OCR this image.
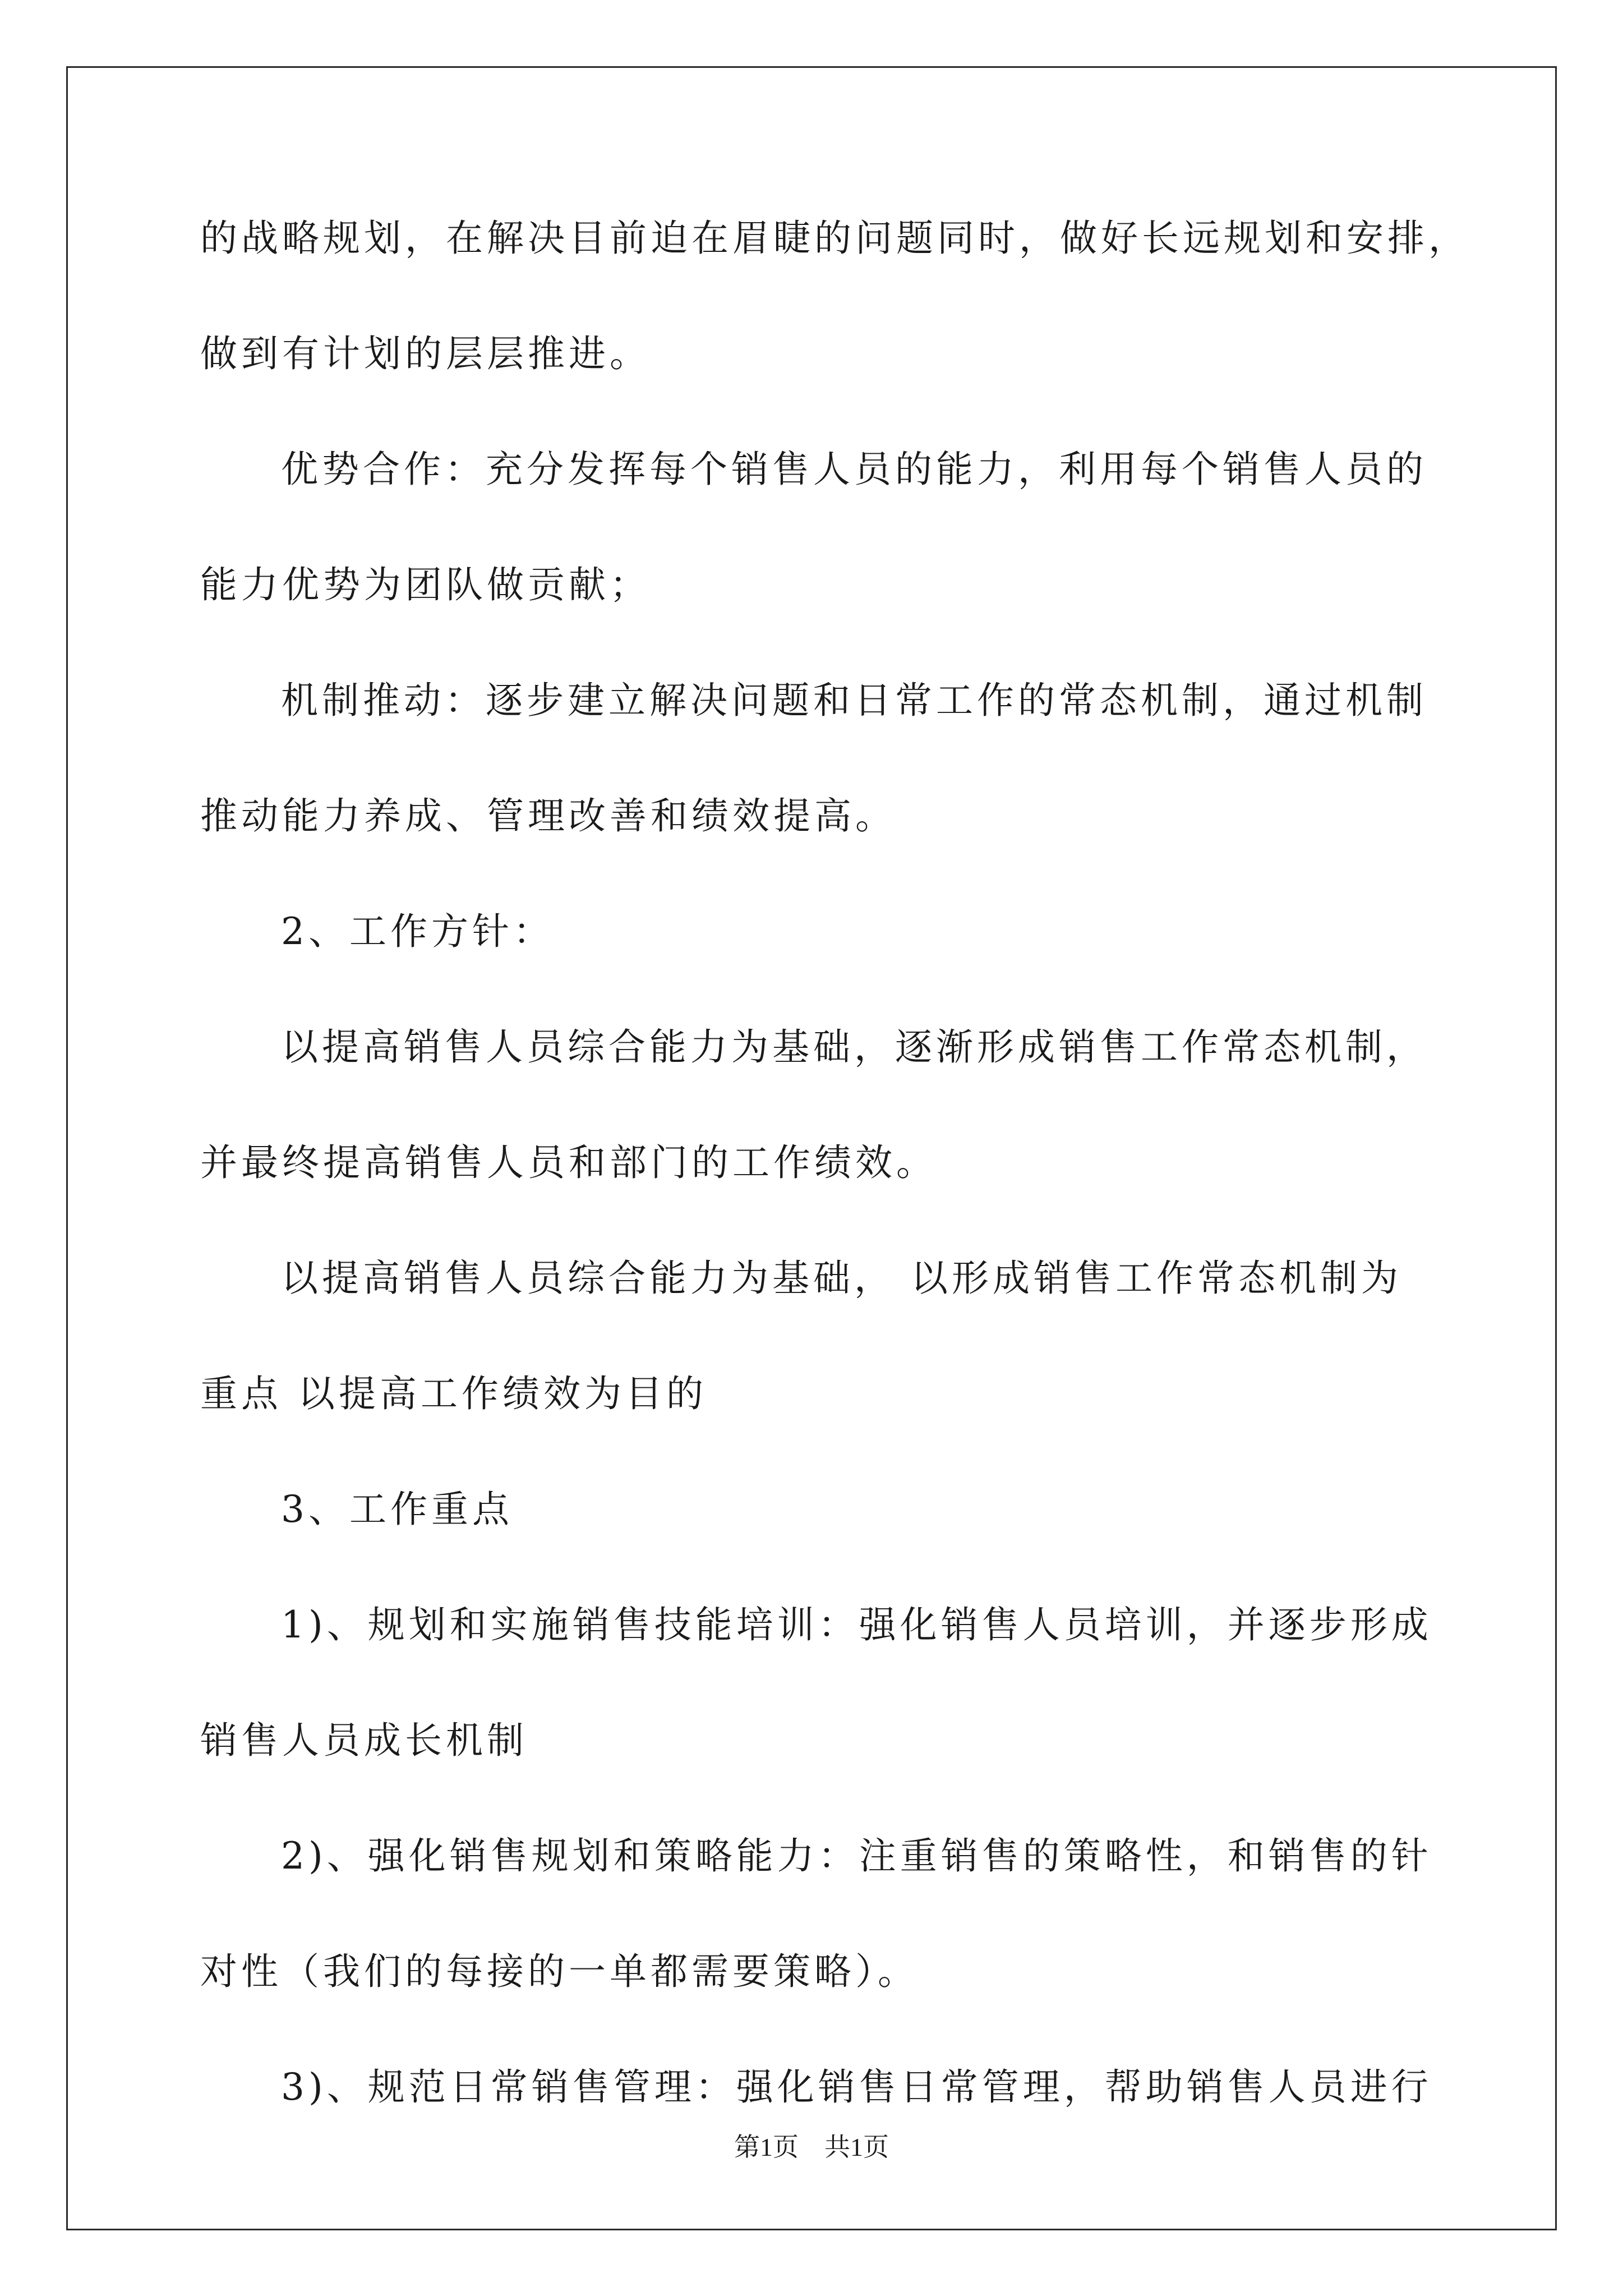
的战略规划，在解决目前迫在眉睫的问题同时，做好长远规划和安排，
做到有计划的层层推进。
优势合作：充分发挥每个销售人员的能力，利用每个销售人员的
能力优势为团队做贡献；
机制推动：逐步建立解决问题和日常工作的常态机制，通过机制
推动能力养成、管理改善和绩效提高。
2、工作方针：
以提高销售人员综合能力为基础，逐渐形成销售工作常态机制，
并最终提高销售人员和部门的工作绩效。
以提高销售人员综合能力为基础， 以形成销售工作常态机制为
重点 以提高工作绩效为目的
3、工作重点
1)、规划和实施销售技能培训：强化销售人员培训，并逐步形成
销售人员成长机制
2)、强化销售规划和策略能力：注重销售的策略性，和销售的针
对性（我们的每接的一单都需要策略）。
3)、规范日常销售管理：强化销售日常管理，帮助销售人员进行
第1页　共1页
